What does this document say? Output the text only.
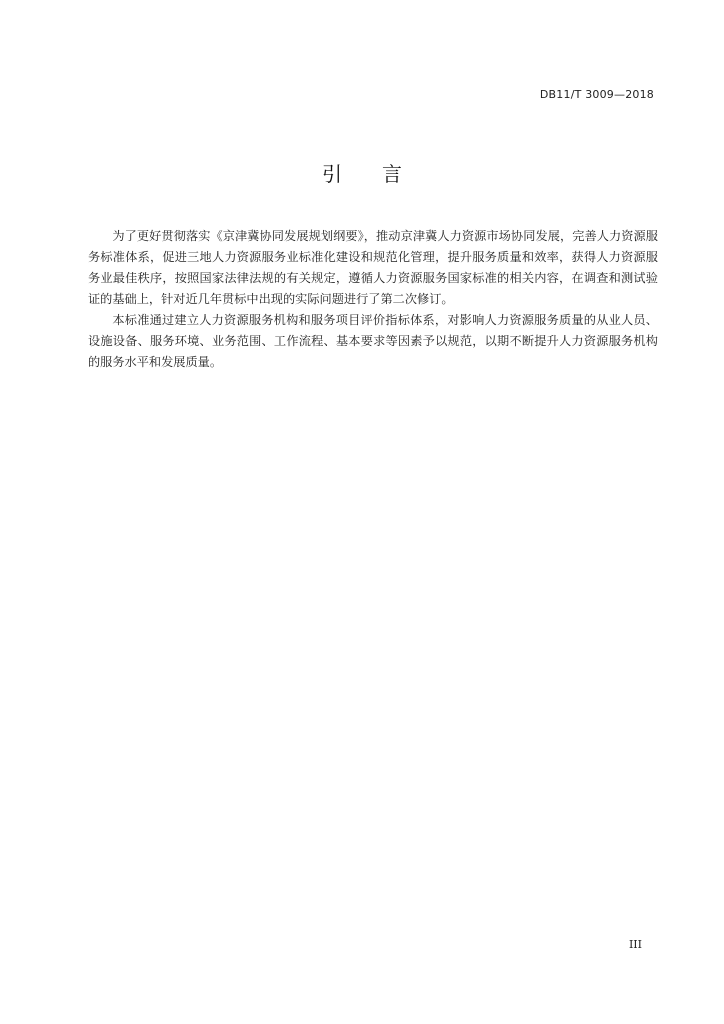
DB11/T 3009—2018
引 言

为了更好贯彻落实《京津冀协同发展规划纲要》，推动京津冀人力资源市场协同发展，完善人力资源服务标准体系，促进三地人力资源服务业标准化建设和规范化管理，提升服务质量和效率，获得人力资源服务业最佳秩序，按照国家法律法规的有关规定，遵循人力资源服务国家标准的相关内容，在调查和测试验证的基础上，针对近几年贯标中出现的实际问题进行了第二次修订。

本标准通过建立人力资源服务机构和服务项目评价指标体系，对影响人力资源服务质量的从业人员、设施设备、服务环境、业务范围、工作流程、基本要求等因素予以规范，以期不断提升人力资源服务机构的服务水平和发展质量。

III
